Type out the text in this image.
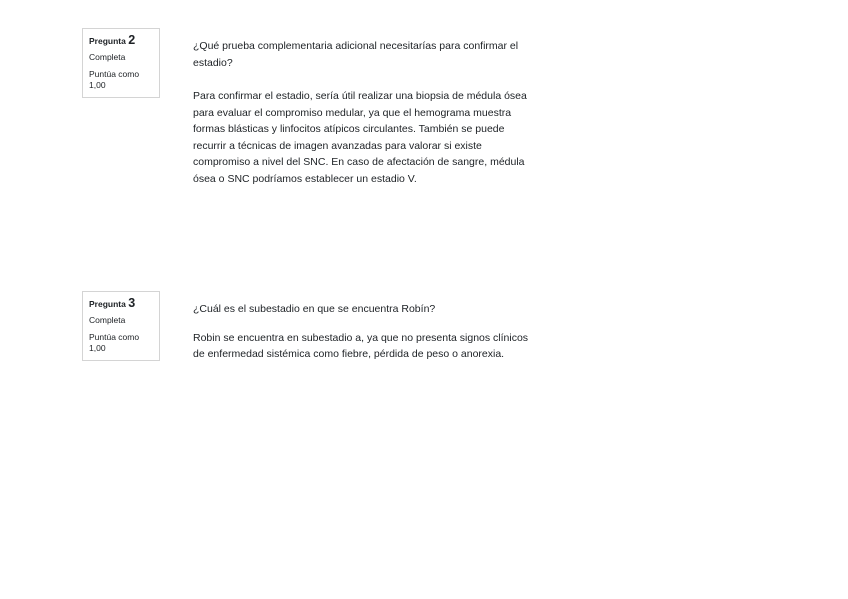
Pregunta 2
Completa
Puntúa como
1,00

¿Qué prueba complementaria adicional necesitarías para confirmar el estadio?

Para confirmar el estadio, sería útil realizar una biopsia de médula ósea para evaluar el compromiso medular, ya que el hemograma muestra formas blásticas y linfocitos atípicos circulantes. También se puede recurrir a técnicas de imagen avanzadas para valorar si existe compromiso a nivel del SNC. En caso de afectación de sangre, médula ósea o SNC podríamos establecer un estadio V.

Pregunta 3
Completa
Puntúa como
1,00

¿Cuál es el subestadio en que se encuentra Robín?

Robin se encuentra en subestadio a, ya que no presenta signos clínicos de enfermedad sistémica como fiebre, pérdida de peso o anorexia.
